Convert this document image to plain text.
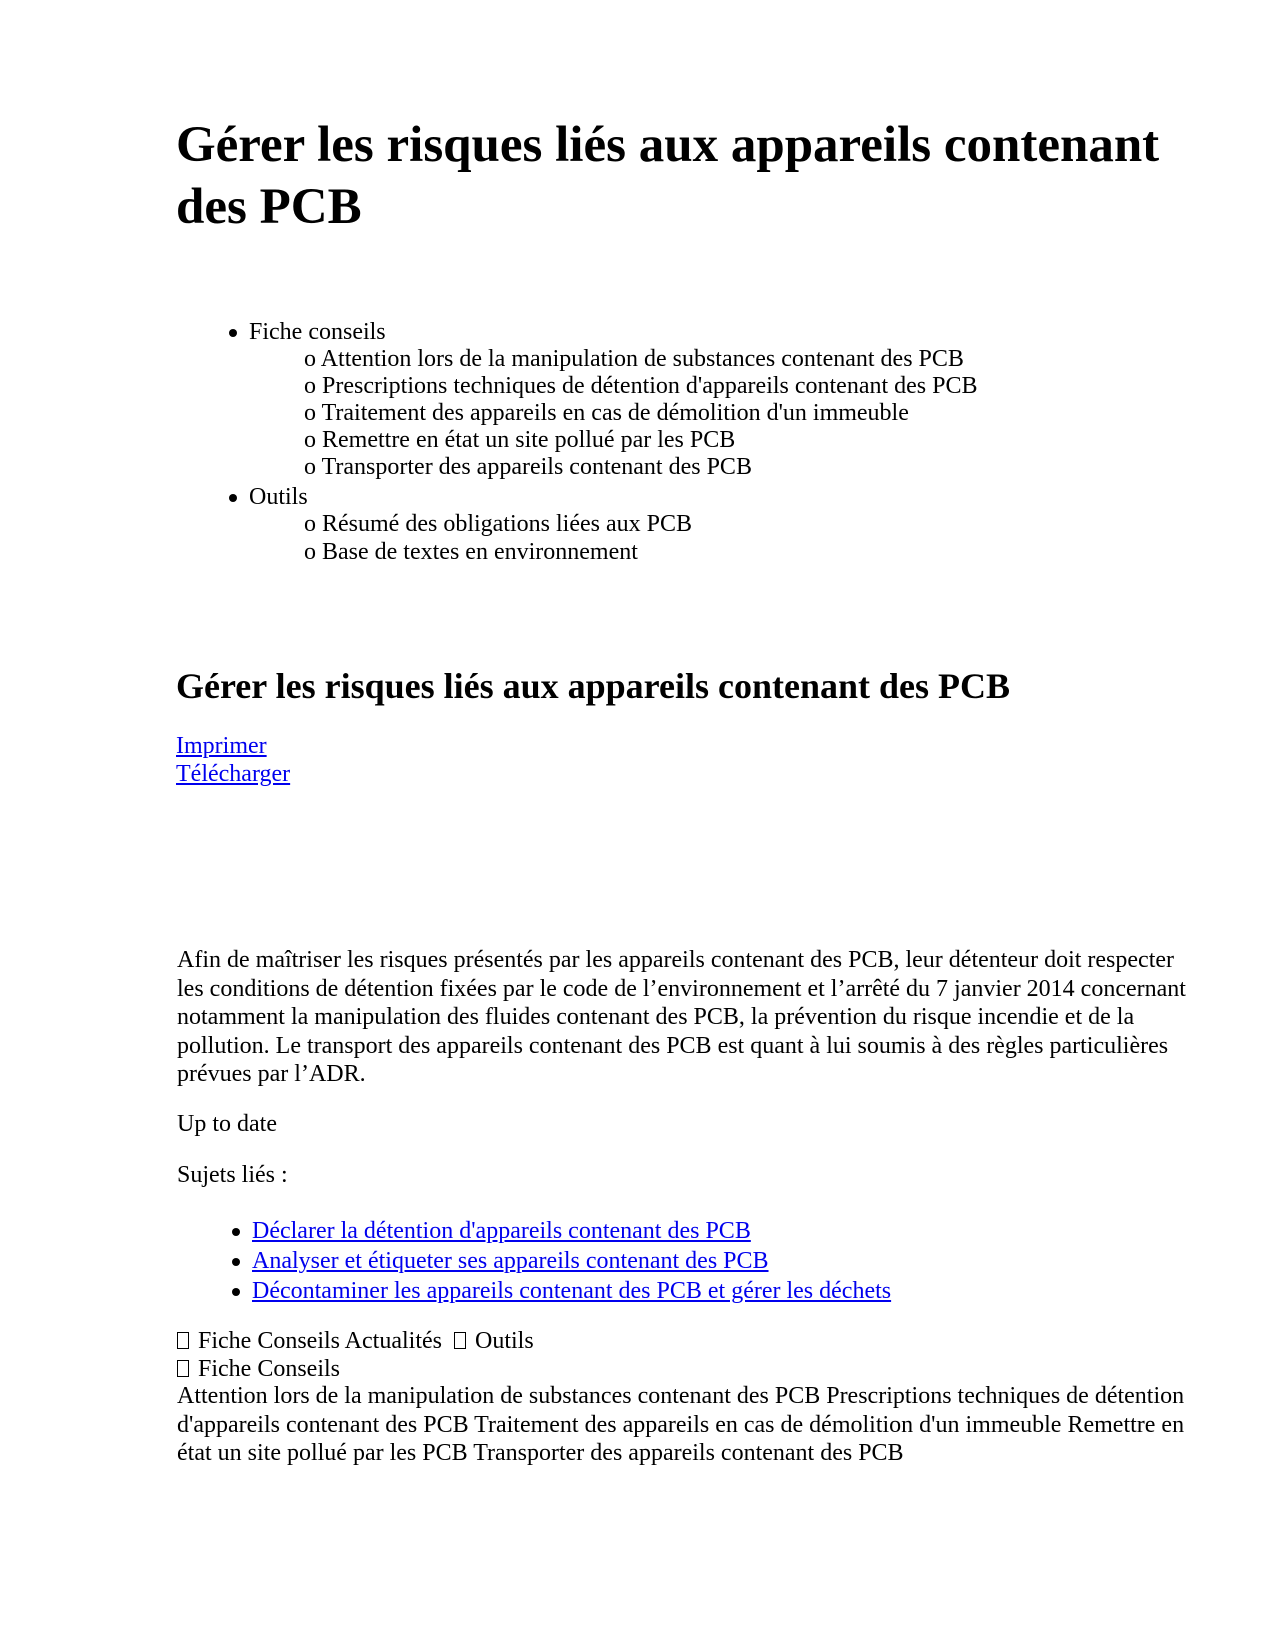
Gérer les risques liés aux appareils contenant des PCB
Fiche conseils
o Attention lors de la manipulation de substances contenant des PCB
o Prescriptions techniques de détention d'appareils contenant des PCB
o Traitement des appareils en cas de démolition d'un immeuble
o Remettre en état un site pollué par les PCB
o Transporter des appareils contenant des PCB
Outils
o Résumé des obligations liées aux PCB
o Base de textes en environnement
Gérer les risques liés aux appareils contenant des PCB
Imprimer
Télécharger

Afin de maîtriser les risques présentés par les appareils contenant des PCB, leur détenteur doit respecter les conditions de détention fixées par le code de l’environnement et l’arrêté du 7 janvier 2014 concernant notamment la manipulation des fluides contenant des PCB, la prévention du risque incendie et de la pollution. Le transport des appareils contenant des PCB est quant à lui soumis à des règles particulières prévues par l’ADR.

Up to date

Sujets liés :

Déclarer la détention d'appareils contenant des PCB
Analyser et étiqueter ses appareils contenant des PCB
Décontaminer les appareils contenant des PCB et gérer les déchets
Fiche Conseils Actualités Outils
Fiche Conseils

Attention lors de la manipulation de substances contenant des PCB Prescriptions techniques de détention d'appareils contenant des PCB Traitement des appareils en cas de démolition d'un immeuble Remettre en état un site pollué par les PCB Transporter des appareils contenant des PCB
